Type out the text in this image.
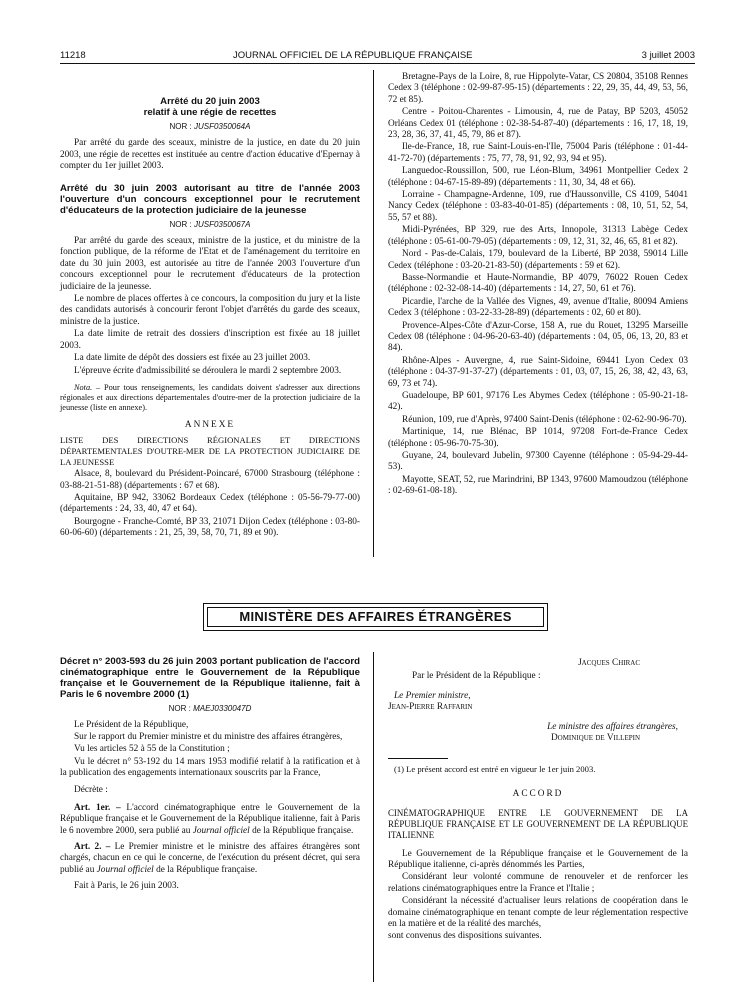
11218	JOURNAL OFFICIEL DE LA RÉPUBLIQUE FRANÇAISE	3 juillet 2003
Arrêté du 20 juin 2003
relatif à une régie de recettes
NOR : JUSF0350064A

Par arrêté du garde des sceaux, ministre de la justice, en date du 20 juin 2003, une régie de recettes est instituée au centre d'action éducative d'Epernay à compter du 1er juillet 2003.

Arrêté du 30 juin 2003 autorisant au titre de l'année 2003 l'ouverture d'un concours exceptionnel pour le recrutement d'éducateurs de la protection judiciaire de la jeunesse
NOR : JUSF0350067A

Par arrêté du garde des sceaux, ministre de la justice, et du ministre de la fonction publique, de la réforme de l'Etat et de l'aménagement du territoire en date du 30 juin 2003, est autorisée au titre de l'année 2003 l'ouverture d'un concours exceptionnel pour le recrutement d'éducateurs de la protection judiciaire de la jeunesse.

Le nombre de places offertes à ce concours, la composition du jury et la liste des candidats autorisés à concourir feront l'objet d'arrêtés du garde des sceaux, ministre de la justice.

La date limite de retrait des dossiers d'inscription est fixée au 18 juillet 2003.

La date limite de dépôt des dossiers est fixée au 23 juillet 2003.

L'épreuve écrite d'admissibilité se déroulera le mardi 2 septembre 2003.

Nota. – Pour tous renseignements, les candidats doivent s'adresser aux directions régionales et aux directions départementales d'outre-mer de la protection judiciaire de la jeunesse (liste en annexe).

ANNEXE
LISTE DES DIRECTIONS RÉGIONALES ET DIRECTIONS DÉPARTEMENTALES D'OUTRE-MER DE LA PROTECTION JUDICIAIRE DE LA JEUNESSE

Alsace, 8, boulevard du Président-Poincaré, 67000 Strasbourg (téléphone : 03-88-21-51-88) (départements : 67 et 68).

Aquitaine, BP 942, 33062 Bordeaux Cedex (téléphone : 05-56-79-77-00) (départements : 24, 33, 40, 47 et 64).

Bourgogne - Franche-Comté, BP 33, 21071 Dijon Cedex (téléphone : 03-80-60-06-60) (départements : 21, 25, 39, 58, 70, 71, 89 et 90).

Bretagne-Pays de la Loire, 8, rue Hippolyte-Vatar, CS 20804, 35108 Rennes Cedex 3 (téléphone : 02-99-87-95-15) (départements : 22, 29, 35, 44, 49, 53, 56, 72 et 85).

Centre - Poitou-Charentes - Limousin, 4, rue de Patay, BP 5203, 45052 Orléans Cedex 01 (téléphone : 02-38-54-87-40) (départements : 16, 17, 18, 19, 23, 28, 36, 37, 41, 45, 79, 86 et 87).

Ile-de-France, 18, rue Saint-Louis-en-l'Ile, 75004 Paris (téléphone : 01-44-41-72-70) (départements : 75, 77, 78, 91, 92, 93, 94 et 95).

Languedoc-Roussillon, 500, rue Léon-Blum, 34961 Montpellier Cedex 2 (téléphone : 04-67-15-89-89) (départements : 11, 30, 34, 48 et 66).

Lorraine - Champagne-Ardenne, 109, rue d'Haussonville, CS 4109, 54041 Nancy Cedex (téléphone : 03-83-40-01-85) (départements : 08, 10, 51, 52, 54, 55, 57 et 88).

Midi-Pyrénées, BP 329, rue des Arts, Innopole, 31313 Labège Cedex (téléphone : 05-61-00-79-05) (départements : 09, 12, 31, 32, 46, 65, 81 et 82).

Nord - Pas-de-Calais, 179, boulevard de la Liberté, BP 2038, 59014 Lille Cedex (téléphone : 03-20-21-83-50) (départements : 59 et 62).

Basse-Normandie et Haute-Normandie, BP 4079, 76022 Rouen Cedex (téléphone : 02-32-08-14-40) (départements : 14, 27, 50, 61 et 76).

Picardie, l'arche de la Vallée des Vignes, 49, avenue d'Italie, 80094 Amiens Cedex 3 (téléphone : 03-22-33-28-89) (départements : 02, 60 et 80).

Provence-Alpes-Côte d'Azur-Corse, 158 A, rue du Rouet, 13295 Marseille Cedex 08 (téléphone : 04-96-20-63-40) (départements : 04, 05, 06, 13, 20, 83 et 84).

Rhône-Alpes - Auvergne, 4, rue Saint-Sidoine, 69441 Lyon Cedex 03 (téléphone : 04-37-91-37-27) (départements : 01, 03, 07, 15, 26, 38, 42, 43, 63, 69, 73 et 74).

Guadeloupe, BP 601, 97176 Les Abymes Cedex (téléphone : 05-90-21-18-42).

Réunion, 109, rue d'Après, 97400 Saint-Denis (téléphone : 02-62-90-96-70).

Martinique, 14, rue Blénac, BP 1014, 97208 Fort-de-France Cedex (téléphone : 05-96-70-75-30).

Guyane, 24, boulevard Jubelin, 97300 Cayenne (téléphone : 05-94-29-44-53).

Mayotte, SEAT, 52, rue Marindrini, BP 1343, 97600 Mamoudzou (téléphone : 02-69-61-08-18).

MINISTÈRE DES AFFAIRES ÉTRANGÈRES
Décret n° 2003-593 du 26 juin 2003 portant publication de l'accord cinématographique entre le Gouvernement de la République française et le Gouvernement de la République italienne, fait à Paris le 6 novembre 2000 (1)
NOR : MAEJ0330047D

Le Président de la République,

Sur le rapport du Premier ministre et du ministre des affaires étrangères,

Vu les articles 52 à 55 de la Constitution ;

Vu le décret n° 53-192 du 14 mars 1953 modifié relatif à la ratification et à la publication des engagements internationaux souscrits par la France,

Décrète :

Art. 1er. – L'accord cinématographique entre le Gouvernement de la République française et le Gouvernement de la République italienne, fait à Paris le 6 novembre 2000, sera publié au Journal officiel de la République française.

Art. 2. – Le Premier ministre et le ministre des affaires étrangères sont chargés, chacun en ce qui le concerne, de l'exécution du présent décret, qui sera publié au Journal officiel de la République française.

Fait à Paris, le 26 juin 2003.

Jacques Chirac
Par le Président de la République :
Le Premier ministre,
Jean-Pierre Raffarin
Le ministre des affaires étrangères,
Dominique de Villepin
(1) Le présent accord est entré en vigueur le 1er juin 2003.
ACCORD
CINÉMATOGRAPHIQUE ENTRE LE GOUVERNEMENT DE LA RÉPUBLIQUE FRANÇAISE ET LE GOUVERNEMENT DE LA RÉPUBLIQUE ITALIENNE

Le Gouvernement de la République française et le Gouvernement de la République italienne, ci-après dénommés les Parties,

Considérant leur volonté commune de renouveler et de renforcer les relations cinématographiques entre la France et l'Italie ;

Considérant la nécessité d'actualiser leurs relations de coopération dans le domaine cinématographique en tenant compte de leur réglementation respective en la matière et de la réalité des marchés,

sont convenus des dispositions suivantes.
